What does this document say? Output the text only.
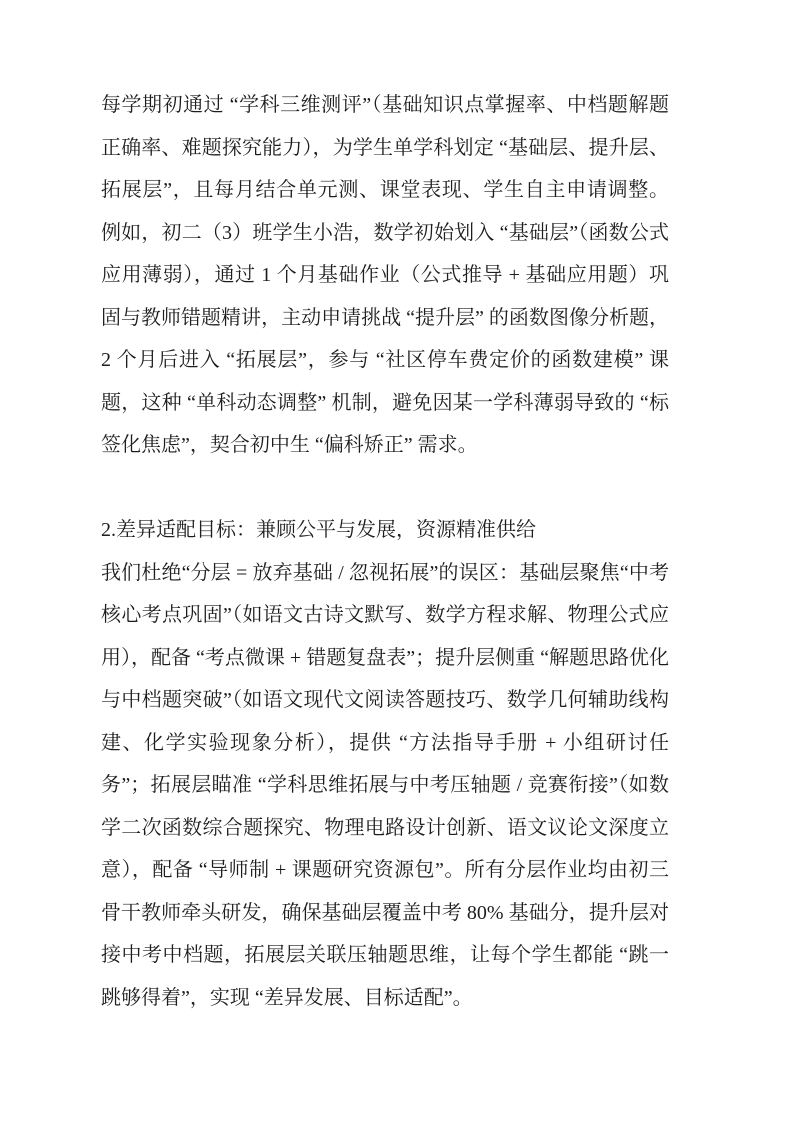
每学期初通过 “学科三维测评”（基础知识点掌握率、中档题解题正确率、难题探究能力），为学生单学科划定 “基础层、提升层、拓展层”，且每月结合单元测、课堂表现、学生自主申请调整。例如，初二（3）班学生小浩，数学初始划入 “基础层”（函数公式应用薄弱），通过 1 个月基础作业（公式推导 + 基础应用题）巩固与教师错题精讲，主动申请挑战 “提升层” 的函数图像分析题，2 个月后进入 “拓展层”，参与 “社区停车费定价的函数建模” 课题，这种 “单科动态调整” 机制，避免因某一学科薄弱导致的 “标签化焦虑”，契合初中生 “偏科矫正” 需求。

2.差异适配目标：兼顾公平与发展，资源精准供给

我们杜绝“分层 = 放弃基础 / 忽视拓展”的误区：基础层聚焦“中考核心考点巩固”（如语文古诗文默写、数学方程求解、物理公式应用），配备 “考点微课 + 错题复盘表”；提升层侧重 “解题思路优化与中档题突破”（如语文现代文阅读答题技巧、数学几何辅助线构建、化学实验现象分析），提供 “方法指导手册 + 小组研讨任务”；拓展层瞄准 “学科思维拓展与中考压轴题 / 竞赛衔接”（如数学二次函数综合题探究、物理电路设计创新、语文议论文深度立意），配备 “导师制 + 课题研究资源包”。所有分层作业均由初三骨干教师牵头研发，确保基础层覆盖中考 80% 基础分，提升层对接中考中档题，拓展层关联压轴题思维，让每个学生都能 “跳一跳够得着”，实现 “差异发展、目标适配”。
